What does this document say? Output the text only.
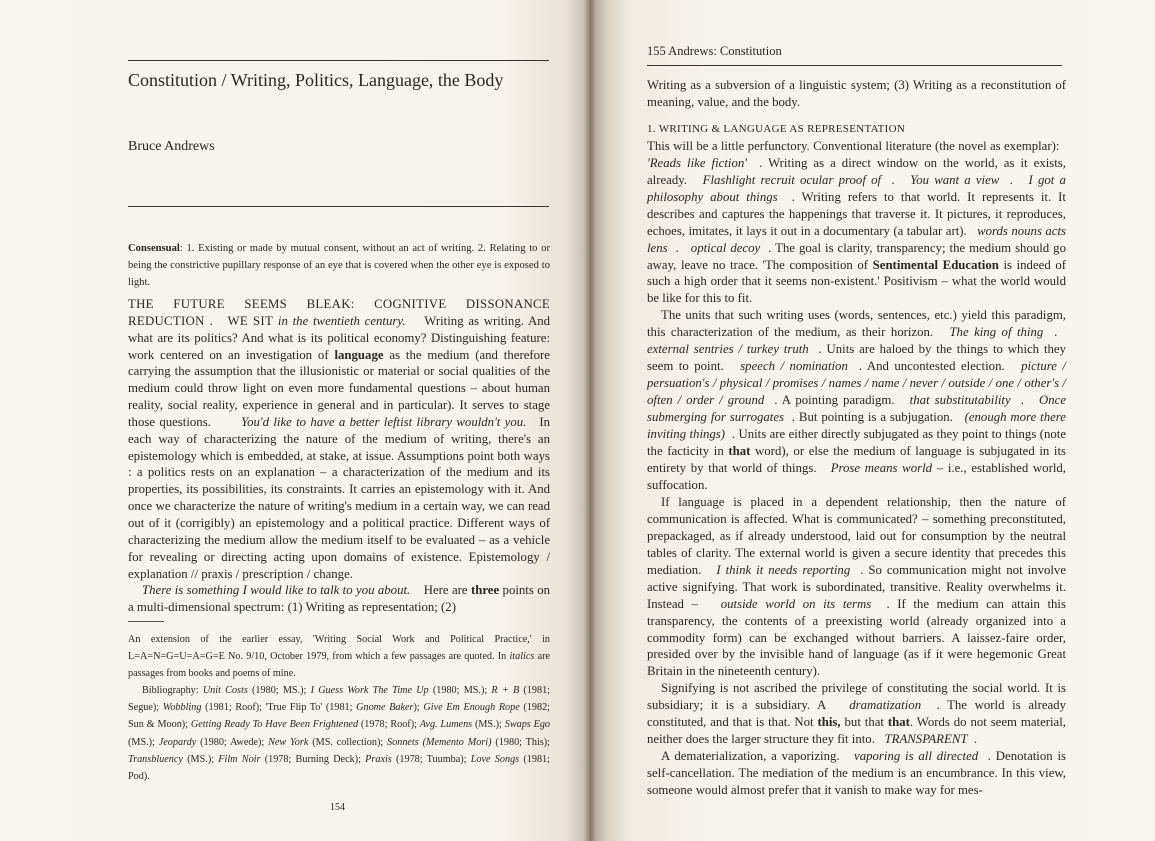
Constitution / Writing, Politics, Language, the Body
Bruce Andrews

Consensual: 1. Existing or made by mutual consent, without an act of writing. 2. Relating to or being the constrictive pupillary response of an eye that is covered when the other eye is exposed to light.

THE FUTURE SEEMS BLEAK: COGNITIVE DISSONANCE REDUCTION . WE SIT in the twentieth century. Writing as writing. And what are its politics? And what is its political economy? Distinguishing feature: work centered on an investigation of language as the medium (and therefore carrying the assumption that the illusionistic or material or social qualities of the medium could throw light on even more fundamental questions – about human reality, social reality, experience in general and in particular). It serves to stage those questions. You'd like to have a better leftist library wouldn't you. In each way of characterizing the nature of the medium of writing, there's an epistemology which is embedded, at stake, at issue. Assumptions point both ways : a politics rests on an explanation – a characterization of the medium and its properties, its possibilities, its constraints. It carries an epistemology with it. And once we characterize the nature of writing's medium in a certain way, we can read out of it (corrigibly) an epistemology and a political practice. Different ways of characterizing the medium allow the medium itself to be evaluated – as a vehicle for revealing or directing acting upon domains of existence. Epistemology / explanation // praxis / prescription / change.
There is something I would like to talk to you about. Here are three points on a multi-dimensional spectrum: (1) Writing as representation; (2)

An extension of the earlier essay, 'Writing Social Work and Political Practice,' in L=A=N=G=U=A=G=E No. 9/10, October 1979, from which a few passages are quoted. In italics are passages from books and poems of mine.
Bibliography: Unit Costs (1980; MS.); I Guess Work The Time Up (1980; MS.); R + B (1981; Segue); Wobbling (1981; Roof); 'True Flip To' (1981; Gnome Baker); Give Em Enough Rope (1982; Sun & Moon); Getting Ready To Have Been Frightened (1978; Roof); Avg. Lumens (MS.); Swaps Ego (MS.); Jeopardy (1980; Awede); New York (MS. collection); Sonnets (Memento Mori) (1980; This); Transbluency (MS.); Film Noir (1978; Burning Deck); Praxis (1978; Tuumba); Love Songs (1981; Pod).

154
155 Andrews: Constitution

Writing as a subversion of a linguistic system; (3) Writing as a reconstitution of meaning, value, and the body.

1. WRITING & LANGUAGE AS REPRESENTATION
This will be a little perfunctory. Conventional literature (the novel as exemplar):   'Reads like fiction' . Writing as a direct window on the world, as it exists, already. Flashlight recruit ocular proof of . You want a view . I got a philosophy about things . Writing refers to that world. It represents it. It describes and captures the happenings that traverse it. It pictures, it reproduces, echoes, imitates, it lays it out in a documentary (a tabular art). words nouns acts lens . optical decoy . The goal is clarity, transparency; the medium should go away, leave no trace. 'The composition of Sentimental Education is indeed of such a high order that it seems non-existent.' Positivism – what the world would be like for this to fit.
The units that such writing uses (words, sentences, etc.) yield this paradigm, this characterization of the medium, as their horizon. The king of thing .   external sentries / turkey truth . Units are haloed by the things to which they seem to point. speech / nomination . And uncontested election. picture / persuation's / physical / promises / names / name / never / outside / one / other's / often / order / ground . A pointing paradigm. that substitutability . Once submerging for surrogates . But pointing is a subjugation. (enough more there inviting things) . Units are either directly subjugated as they point to things (note the facticity in that word), or else the medium of language is subjugated in its entirety by that world of things. Prose means world – i.e., established world, suffocation.
If language is placed in a dependent relationship, then the nature of communication is affected. What is communicated? – something preconstituted, prepackaged, as if already understood, laid out for consumption by the neutral tables of clarity. The external world is given a secure identity that precedes this mediation. I think it needs reporting . So communication might not involve active signifying. That work is subordinated, transitive. Reality overwhelms it. Instead – outside world on its terms . If the medium can attain this transparency, the contents of a preexisting world (already organized into a commodity form) can be exchanged without barriers. A laissez-faire order, presided over by the invisible hand of language (as if it were hegemonic Great Britain in the nineteenth century).
Signifying is not ascribed the privilege of constituting the social world. It is subsidiary; it is a subsidiary. A dramatization . The world is already constituted, and that is that. Not this, but that that. Words do not seem material, neither does the larger structure they fit into. TRANSPARENT .
A dematerialization, a vaporizing. vaporing is all directed . Denotation is self-cancellation. The mediation of the medium is an encumbrance. In this view, someone would almost prefer that it vanish to make way for mes-
